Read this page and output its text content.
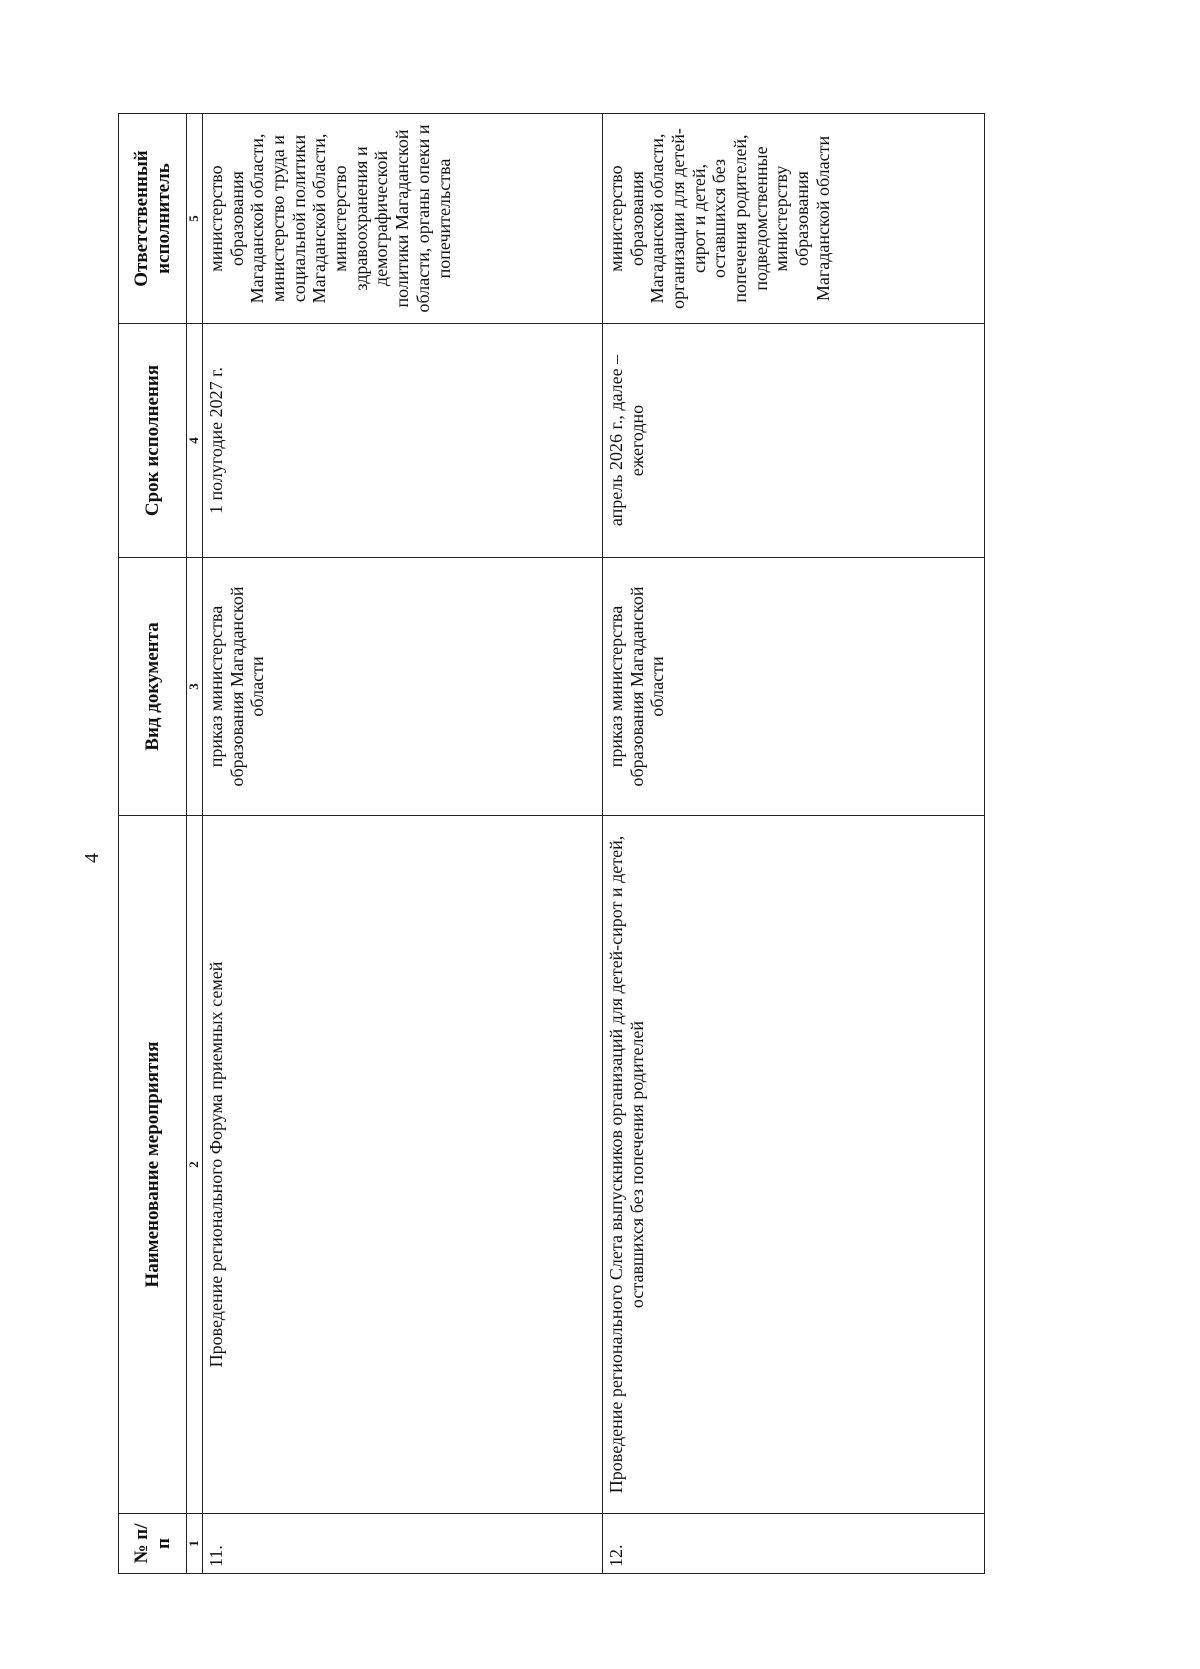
4
№ п/п	Наименование мероприятия	Вид документа	Срок исполнения	Ответственный исполнитель
1	2	3	4	5
11.	Проведение регионального Форума приемных семей	приказ министерства образования Магаданской области	1 полугодие 2027 г.	министерство образования Магаданской области, министерство труда и социальной политики Магаданской области, министерство здравоохранения и демографической политики Магаданской области, органы опеки и попечительства
12.	Проведение регионального Слета выпускников организаций для детей-сирот и детей, оставшихся без попечения родителей	приказ министерства образования Магаданской области	апрель 2026 г., далее – ежегодно	министерство образования Магаданской области, организации для детей-сирот и детей, оставшихся без попечения родителей, подведомственные министерству образования Магаданской области
